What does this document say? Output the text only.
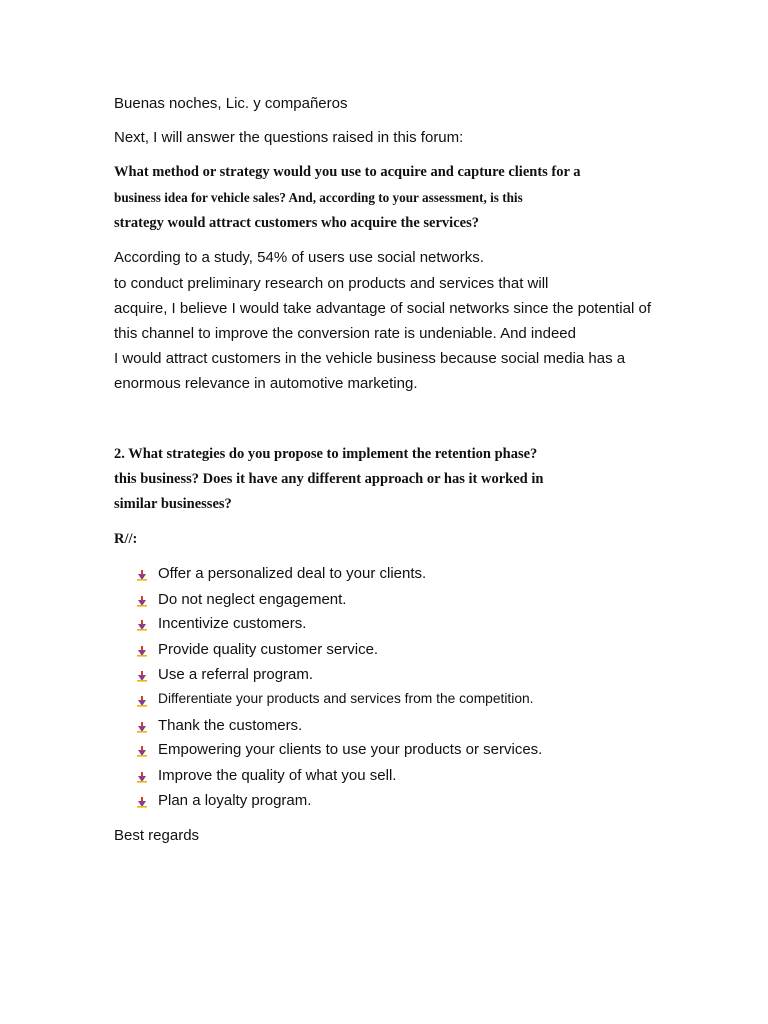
Buenas noches, Lic. y compañeros
Next, I will answer the questions raised in this forum:
What method or strategy would you use to acquire and capture clients for a
business idea for vehicle sales? And, according to your assessment, is this
strategy would attract customers who acquire the services?
According to a study, 54% of users use social networks.
to conduct preliminary research on products and services that will
acquire, I believe I would take advantage of social networks since the potential of
this channel to improve the conversion rate is undeniable. And indeed
I would attract customers in the vehicle business because social media has a
enormous relevance in automotive marketing.
2. What strategies do you propose to implement the retention phase?
this business? Does it have any different approach or has it worked in
similar businesses?
R//:
Offer a personalized deal to your clients.
Do not neglect engagement.
Incentivize customers.
Provide quality customer service.
Use a referral program.
Differentiate your products and services from the competition.
Thank the customers.
Empowering your clients to use your products or services.
Improve the quality of what you sell.
Plan a loyalty program.
Best regards
